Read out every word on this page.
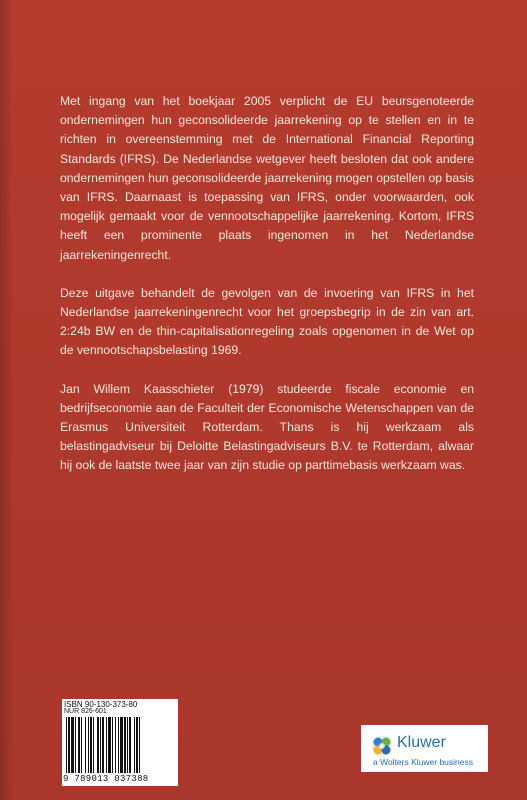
Met ingang van het boekjaar 2005 verplicht de EU beursgenoteerde ondernemingen hun geconsolideerde jaarrekening op te stellen en in te richten in overeenstemming met de International Financial Reporting Standards (IFRS). De Nederlandse wetgever heeft besloten dat ook andere ondernemingen hun geconsolideerde jaarrekening mogen opstellen op basis van IFRS. Daarnaast is toepassing van IFRS, onder voorwaarden, ook mogelijk gemaakt voor de vennootschappelijke jaarrekening. Kortom, IFRS heeft een prominente plaats ingenomen in het Nederlandse jaarrekeningenrecht.

Deze uitgave behandelt de gevolgen van de invoering van IFRS in het Nederlandse jaarrekeningenrecht voor het groepsbegrip in de zin van art. 2:24b BW en de thin-capitalisationregeling zoals opgenomen in de Wet op de vennootschapsbelasting 1969.

Jan Willem Kaasschieter (1979) studeerde fiscale economie en bedrijfseconomie aan de Faculteit der Economische Wetenschappen van de Erasmus Universiteit Rotterdam. Thans is hij werkzaam als belastingadviseur bij Deloitte Belastingadviseurs B.V. te Rotterdam, alwaar hij ook de laatste twee jaar van zijn studie op parttimebasis werkzaam was.

ISBN 90-130-373-80
NUR 826-601
9 789013 037388
Kluwer
a Wolters Kluwer business
